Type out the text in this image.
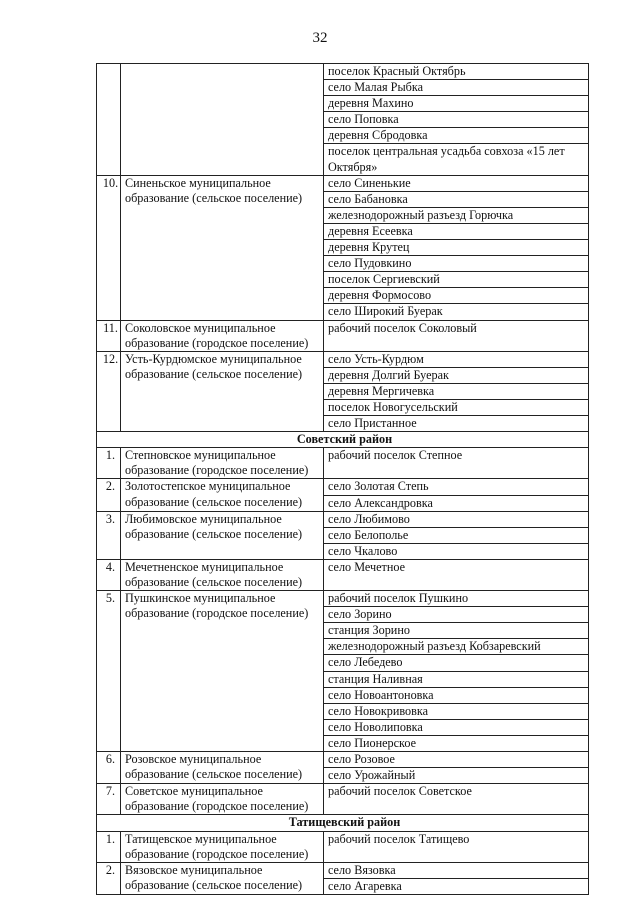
32
		поселок Красный Октябрь
		село Малая Рыбка
		деревня Махино
		село Поповка
		деревня Сбродовка
		поселок центральная усадьба совхоза «15 лет Октября»
10.	Синеньское муниципальное образование (сельское поселение)	село Синенькие
		село Бабановка
		железнодорожный разъезд Горючка
		деревня Есеевка
		деревня Крутец
		село Пудовкино
		поселок Сергиевский
		деревня Формосово
		село Широкий Буерак
11.	Соколовское муниципальное образование (городское поселение)	рабочий поселок Соколовый
12.	Усть-Курдюмское муниципальное образование (сельское поселение)	село Усть-Курдюм
		деревня Долгий Буерак
		деревня Мергичевка
		поселок Новогусельский
		село Пристанное
Советский район		
1.	Степновское муниципальное образование (городское поселение)	рабочий поселок Степное
2.	Золотостепское муниципальное образование (сельское поселение)	село Золотая Степь
		село Александровка
3.	Любимовское муниципальное образование (сельское поселение)	село Любимово
		село Белополье
		село Чкалово
4.	Мечетненское муниципальное образование (сельское поселение)	село Мечетное
5.	Пушкинское муниципальное образование (городское поселение)	рабочий поселок Пушкино
		село Зорино
		станция Зорино
		железнодорожный разъезд Кобзаревский
		село Лебедево
		станция Наливная
		село Новоантоновка
		село Новокривовка
		село Новолиповка
		село Пионерское
6.	Розовское муниципальное образование (сельское поселение)	село Розовое
		село Урожайный
7.	Советское муниципальное образование (городское поселение)	рабочий поселок Советское
Татищевский район		
1.	Татищевское муниципальное образование (городское поселение)	рабочий поселок Татищево
2.	Вязовское муниципальное образование (сельское поселение)	село Вязовка
		село Агаревка
